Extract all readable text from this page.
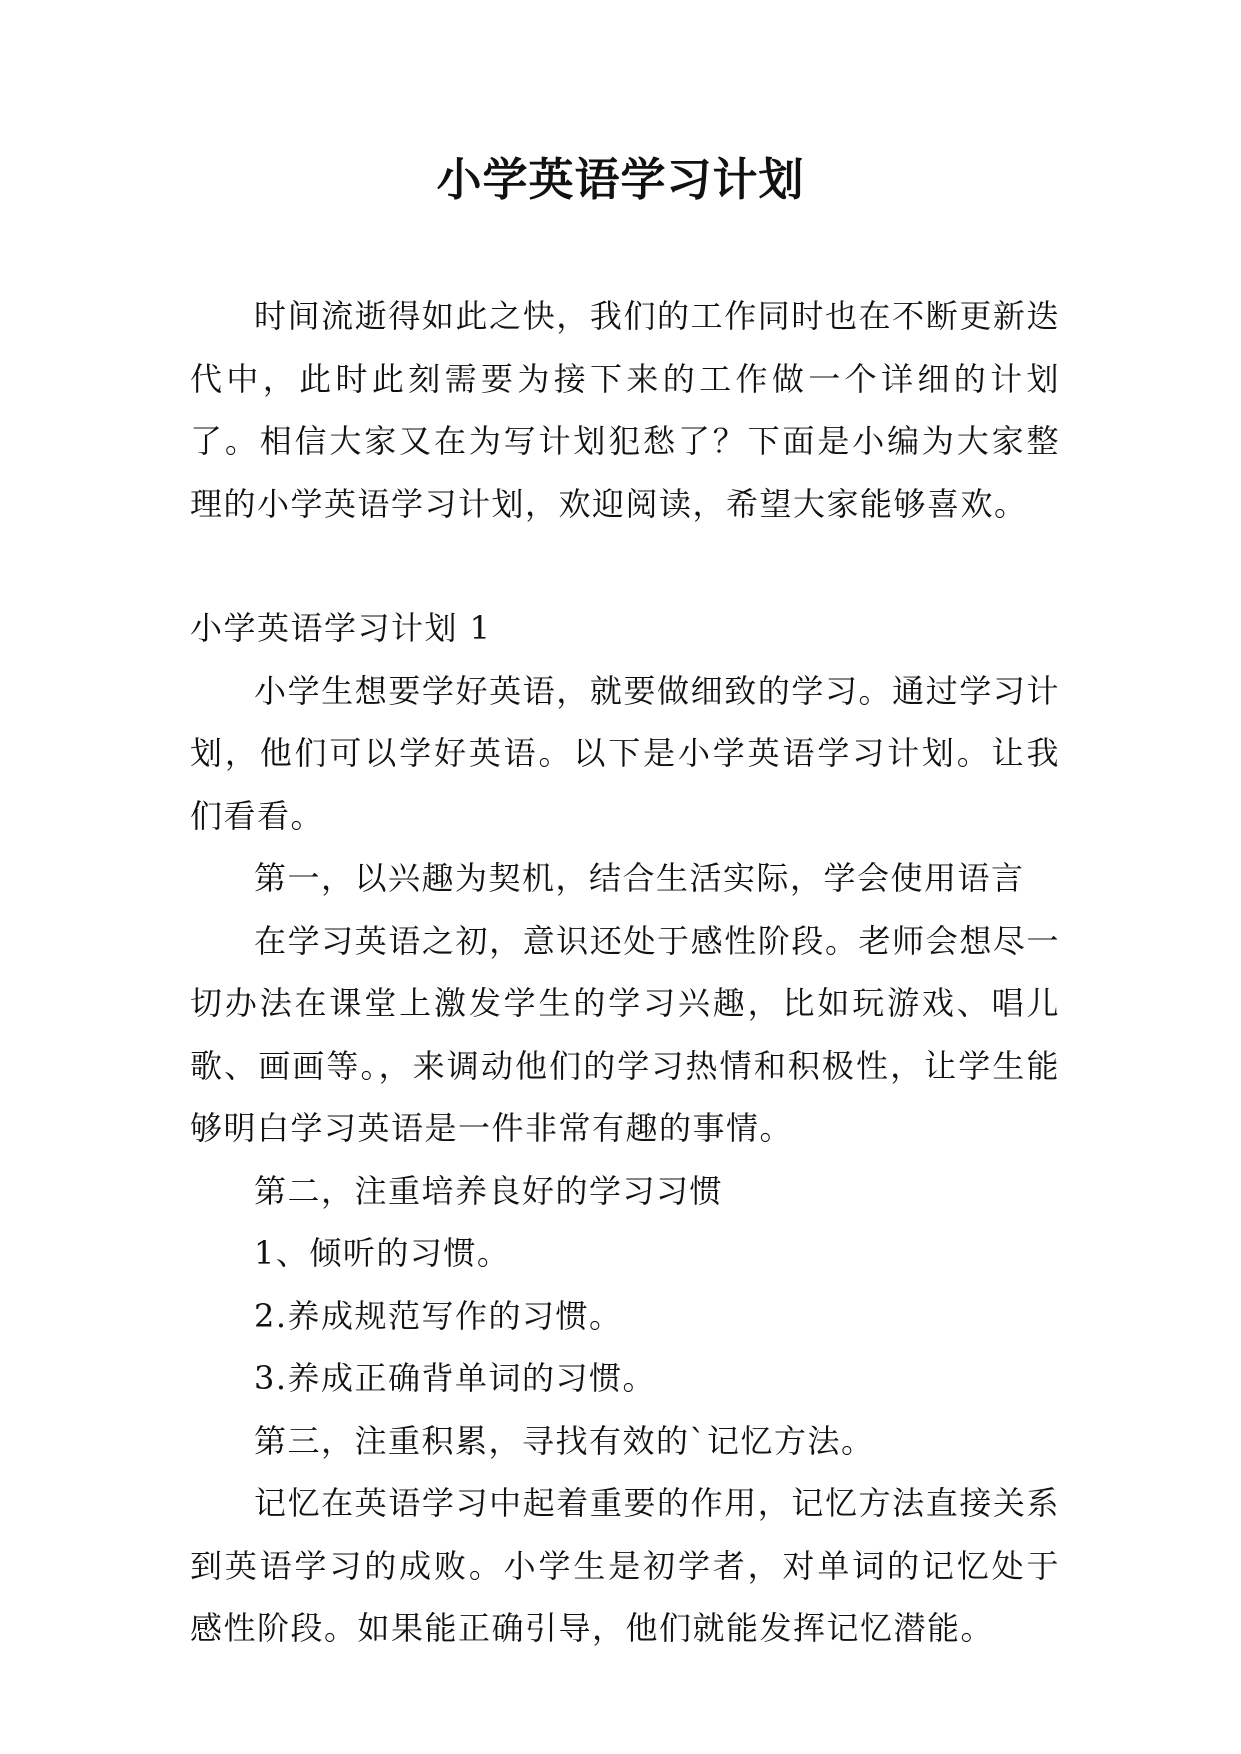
小学英语学习计划

时间流逝得如此之快，我们的工作同时也在不断更新迭代中，此时此刻需要为接下来的工作做一个详细的计划了。相信大家又在为写计划犯愁了？下面是小编为大家整理的小学英语学习计划，欢迎阅读，希望大家能够喜欢。

小学英语学习计划 1

小学生想要学好英语，就要做细致的学习。通过学习计划，他们可以学好英语。以下是小学英语学习计划。让我们看看。

第一，以兴趣为契机，结合生活实际，学会使用语言

在学习英语之初，意识还处于感性阶段。老师会想尽一切办法在课堂上激发学生的学习兴趣，比如玩游戏、唱儿歌、画画等。，来调动他们的学习热情和积极性，让学生能够明白学习英语是一件非常有趣的事情。

第二，注重培养良好的学习习惯

1、倾听的习惯。

2.养成规范写作的习惯。

3.养成正确背单词的习惯。

第三，注重积累，寻找有效的`记忆方法。

记忆在英语学习中起着重要的作用，记忆方法直接关系到英语学习的成败。小学生是初学者，对单词的记忆处于感性阶段。如果能正确引导，他们就能发挥记忆潜能。
